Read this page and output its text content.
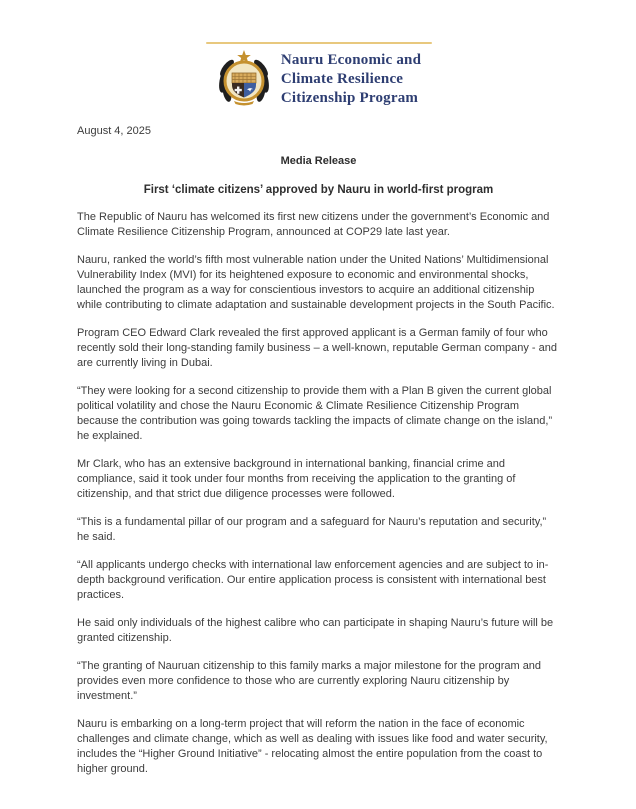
Nauru Economic and
Climate Resilience
Citizenship Program
August 4, 2025
Media Release
First ‘climate citizens’ approved by Nauru in world-first program

The Republic of Nauru has welcomed its first new citizens under the government’s Economic and Climate Resilience Citizenship Program, announced at COP29 late last year.

Nauru, ranked the world’s fifth most vulnerable nation under the United Nations’ Multidimensional Vulnerability Index (MVI) for its heightened exposure to economic and environmental shocks, launched the program as a way for conscientious investors to acquire an additional citizenship while contributing to climate adaptation and sustainable development projects in the South Pacific.

Program CEO Edward Clark revealed the first approved applicant is a German family of four who recently sold their long-standing family business – a well-known, reputable German company - and are currently living in Dubai.

“They were looking for a second citizenship to provide them with a Plan B given the current global political volatility and chose the Nauru Economic & Climate Resilience Citizenship Program because the contribution was going towards tackling the impacts of climate change on the island,” he explained.

Mr Clark, who has an extensive background in international banking, financial crime and compliance, said it took under four months from receiving the application to the granting of citizenship, and that strict due diligence processes were followed.

“This is a fundamental pillar of our program and a safeguard for Nauru’s reputation and security,” he said.

“All applicants undergo checks with international law enforcement agencies and are subject to in-depth background verification. Our entire application process is consistent with international best practices.

He said only individuals of the highest calibre who can participate in shaping Nauru’s future will be granted citizenship.

“The granting of Nauruan citizenship to this family marks a major milestone for the program and provides even more confidence to those who are currently exploring Nauru citizenship by investment.”

Nauru is embarking on a long-term project that will reform the nation in the face of economic challenges and climate change, which as well as dealing with issues like food and water security, includes the “Higher Ground Initiative” - relocating almost the entire population from the coast to higher ground.
